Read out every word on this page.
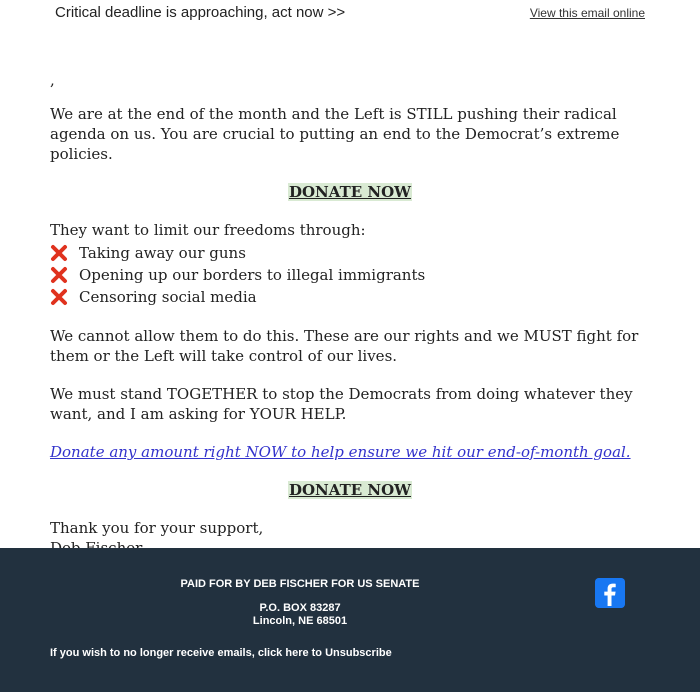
Critical deadline is approaching, act now >>	View this email online

,

We are at the end of the month and the Left is STILL pushing their radical agenda on us. You are crucial to putting an end to the Democrat’s extreme policies.

DONATE NOW

They want to limit our freedoms through:

Taking away our guns
Opening up our borders to illegal immigrants
Censoring social media

We cannot allow them to do this. These are our rights and we MUST fight for them or the Left will take control of our lives.

We must stand TOGETHER to stop the Democrats from doing whatever they want, and I am asking for YOUR HELP.

Donate any amount right NOW to help ensure we hit our end-of-month goal.

DONATE NOW

Thank you for your support,

PAID FOR BY DEB FISCHER FOR US SENATE
P.O. BOX 83287
Lincoln, NE 68501
If you wish to no longer receive emails, click here to Unsubscribe
